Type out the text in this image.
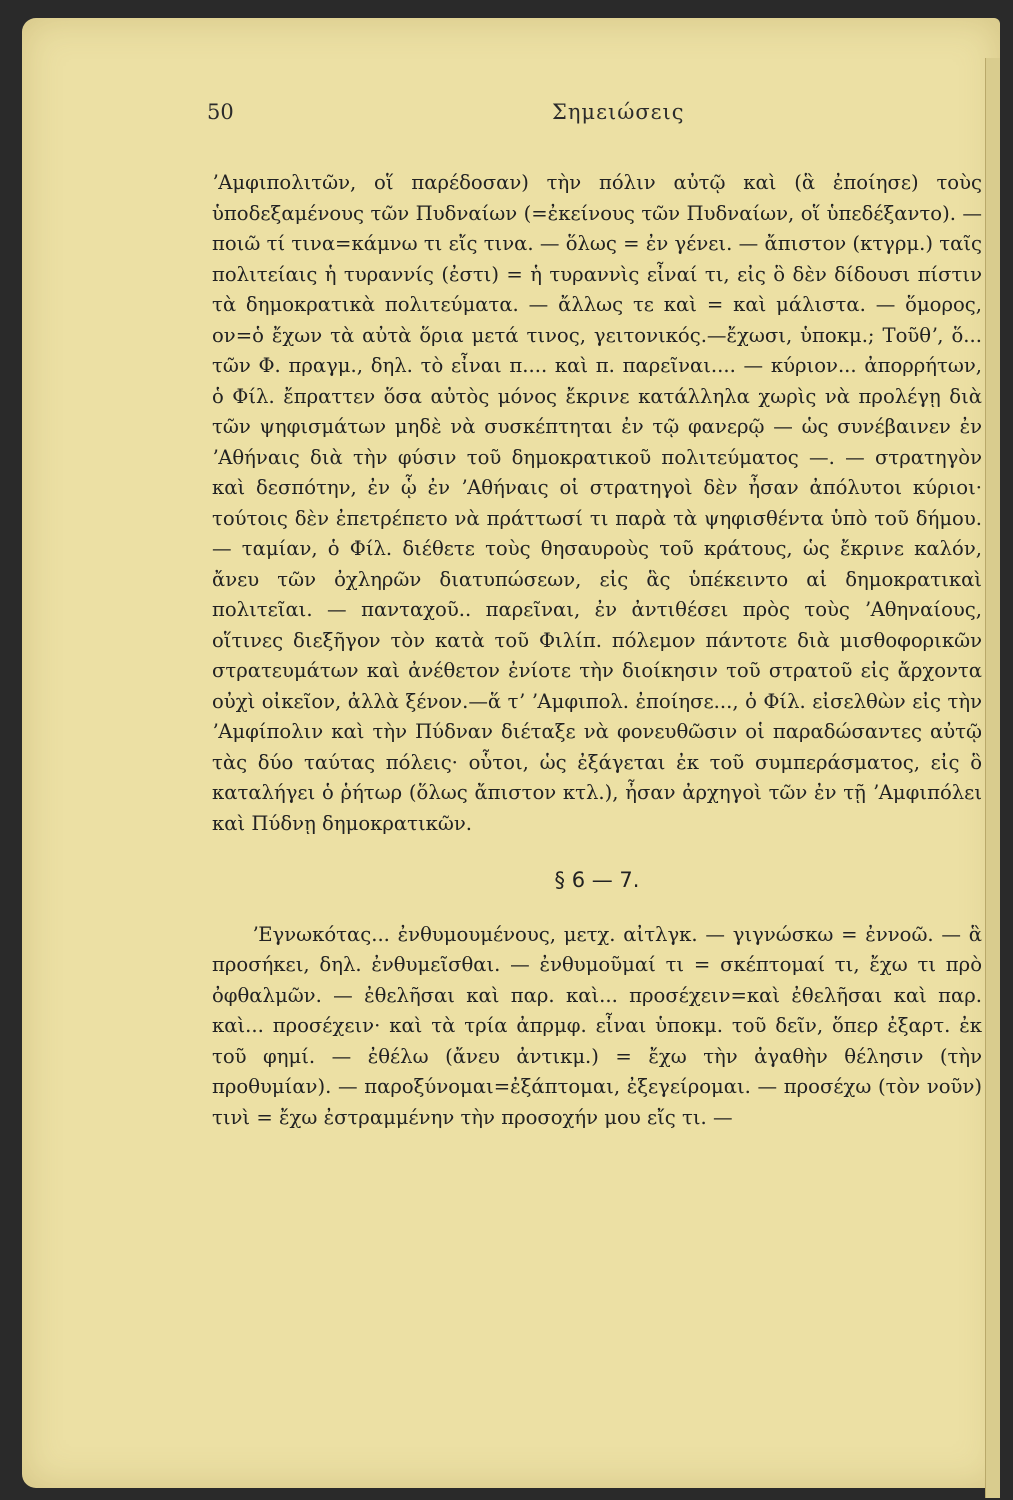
50	Σημειώσεις

ʼΑμφιπολιτῶν, οἵ παρέδοσαν) τὴν πόλιν αὐτῷ καὶ (ἃ ἐποίησε) τοὺς ὑποδεξαμένους τῶν Πυδναίων (=ἐκείνους τῶν Πυδναίων, οἵ ὑπεδέξαντο). — ποιῶ τί τινα=κάμνω τι εἴς τινα. — ὅλως = ἐν γένει. — ἄπιστον (κτγρμ.) ταῖς πολιτείαις ἡ τυραννίς (ἐστι) = ἡ τυραννὶς εἶναί τι, εἰς ὃ δὲν δίδουσι πίστιν τὰ δημοκρατικὰ πολιτεύματα. — ἄλλως τε καὶ = καὶ μάλιστα. — ὅμορος, ον=ὁ ἔχων τὰ αὐτὰ ὅρια μετά τινος, γειτονικός.—ἔχωσι, ὑποκμ.; Τοῦθʼ, ὅ... τῶν Φ. πραγμ., δηλ. τὸ εἶναι π.... καὶ π. παρεῖναι.... — κύριον... ἀπορρήτων, ὁ Φίλ. ἔπραττεν ὅσα αὐτὸς μόνος ἔκρινε κατάλληλα χωρὶς νὰ προλέγῃ διὰ τῶν ψηφισμάτων μηδὲ νὰ συσκέπτηται ἐν τῷ φανερῷ — ὡς συνέβαινεν ἐν ʼΑθήναις διὰ τὴν φύσιν τοῦ δημοκρατικοῦ πολιτεύματος —. — στρατηγὸν καὶ δεσπότην, ἐν ᾧ ἐν ʼΑθήναις οἱ στρατηγοὶ δὲν ἦσαν ἀπόλυτοι κύριοι· τούτοις δὲν ἐπετρέπετο νὰ πράττωσί τι παρὰ τὰ ψηφισθέντα ὑπὸ τοῦ δήμου. — ταμίαν, ὁ Φίλ. διέθετε τοὺς θησαυροὺς τοῦ κράτους, ὡς ἔκρινε καλόν, ἄνευ τῶν ὀχληρῶν διατυπώσεων, εἰς ἃς ὑπέκειντο αἱ δημοκρατικαὶ πολιτεῖαι. — πανταχοῦ.. παρεῖναι, ἐν ἀντιθέσει πρὸς τοὺς ʼΑθηναίους, οἵτινες διεξῆγον τὸν κατὰ τοῦ Φιλίπ. πόλεμον πάντοτε διὰ μισθοφορικῶν στρατευμάτων καὶ ἀνέθετον ἐνίοτε τὴν διοίκησιν τοῦ στρατοῦ εἰς ἄρχοντα οὐχὶ οἰκεῖον, ἀλλὰ ξένον.—ἅ τʼ ʼΑμφιπολ. ἐποίησε..., ὁ Φίλ. εἰσελθὼν εἰς τὴν ʼΑμφίπολιν καὶ τὴν Πύδναν διέταξε νὰ φονευθῶσιν οἱ παραδώσαντες αὐτῷ τὰς δύο ταύτας πόλεις· οὗτοι, ὡς ἐξάγεται ἐκ τοῦ συμπεράσματος, εἰς ὃ καταλήγει ὁ ῥήτωρ (ὅλως ἄπιστον κτλ.), ἦσαν ἀρχηγοὶ τῶν ἐν τῇ ʼΑμφιπόλει καὶ Πύδνῃ δημοκρατικῶν.

§ 6 — 7.

ʼΕγνωκότας... ἐνθυμουμένους, μετχ. αἰτλγκ. — γιγνώσκω = ἐννοῶ. — ἃ προσήκει, δηλ. ἐνθυμεῖσθαι. — ἐνθυμοῦμαί τι = σκέπτομαί τι, ἔχω τι πρὸ ὀφθαλμῶν. — ἐθελῆσαι καὶ παρ. καὶ... προσέχειν=καὶ ἐθελῆσαι καὶ παρ. καὶ... προσέχειν· καὶ τὰ τρία ἀπρμφ. εἶναι ὑποκμ. τοῦ δεῖν, ὅπερ ἐξαρτ. ἐκ τοῦ φημί. — ἐθέλω (ἄνευ ἀντικμ.) = ἔχω τὴν ἀγαθὴν θέλησιν (τὴν προθυμίαν). — παροξύνομαι=ἐξάπτομαι, ἐξεγείρομαι. — προσέχω (τὸν νοῦν) τινὶ = ἔχω ἐστραμμένην τὴν προσοχήν μου εἴς τι. —
